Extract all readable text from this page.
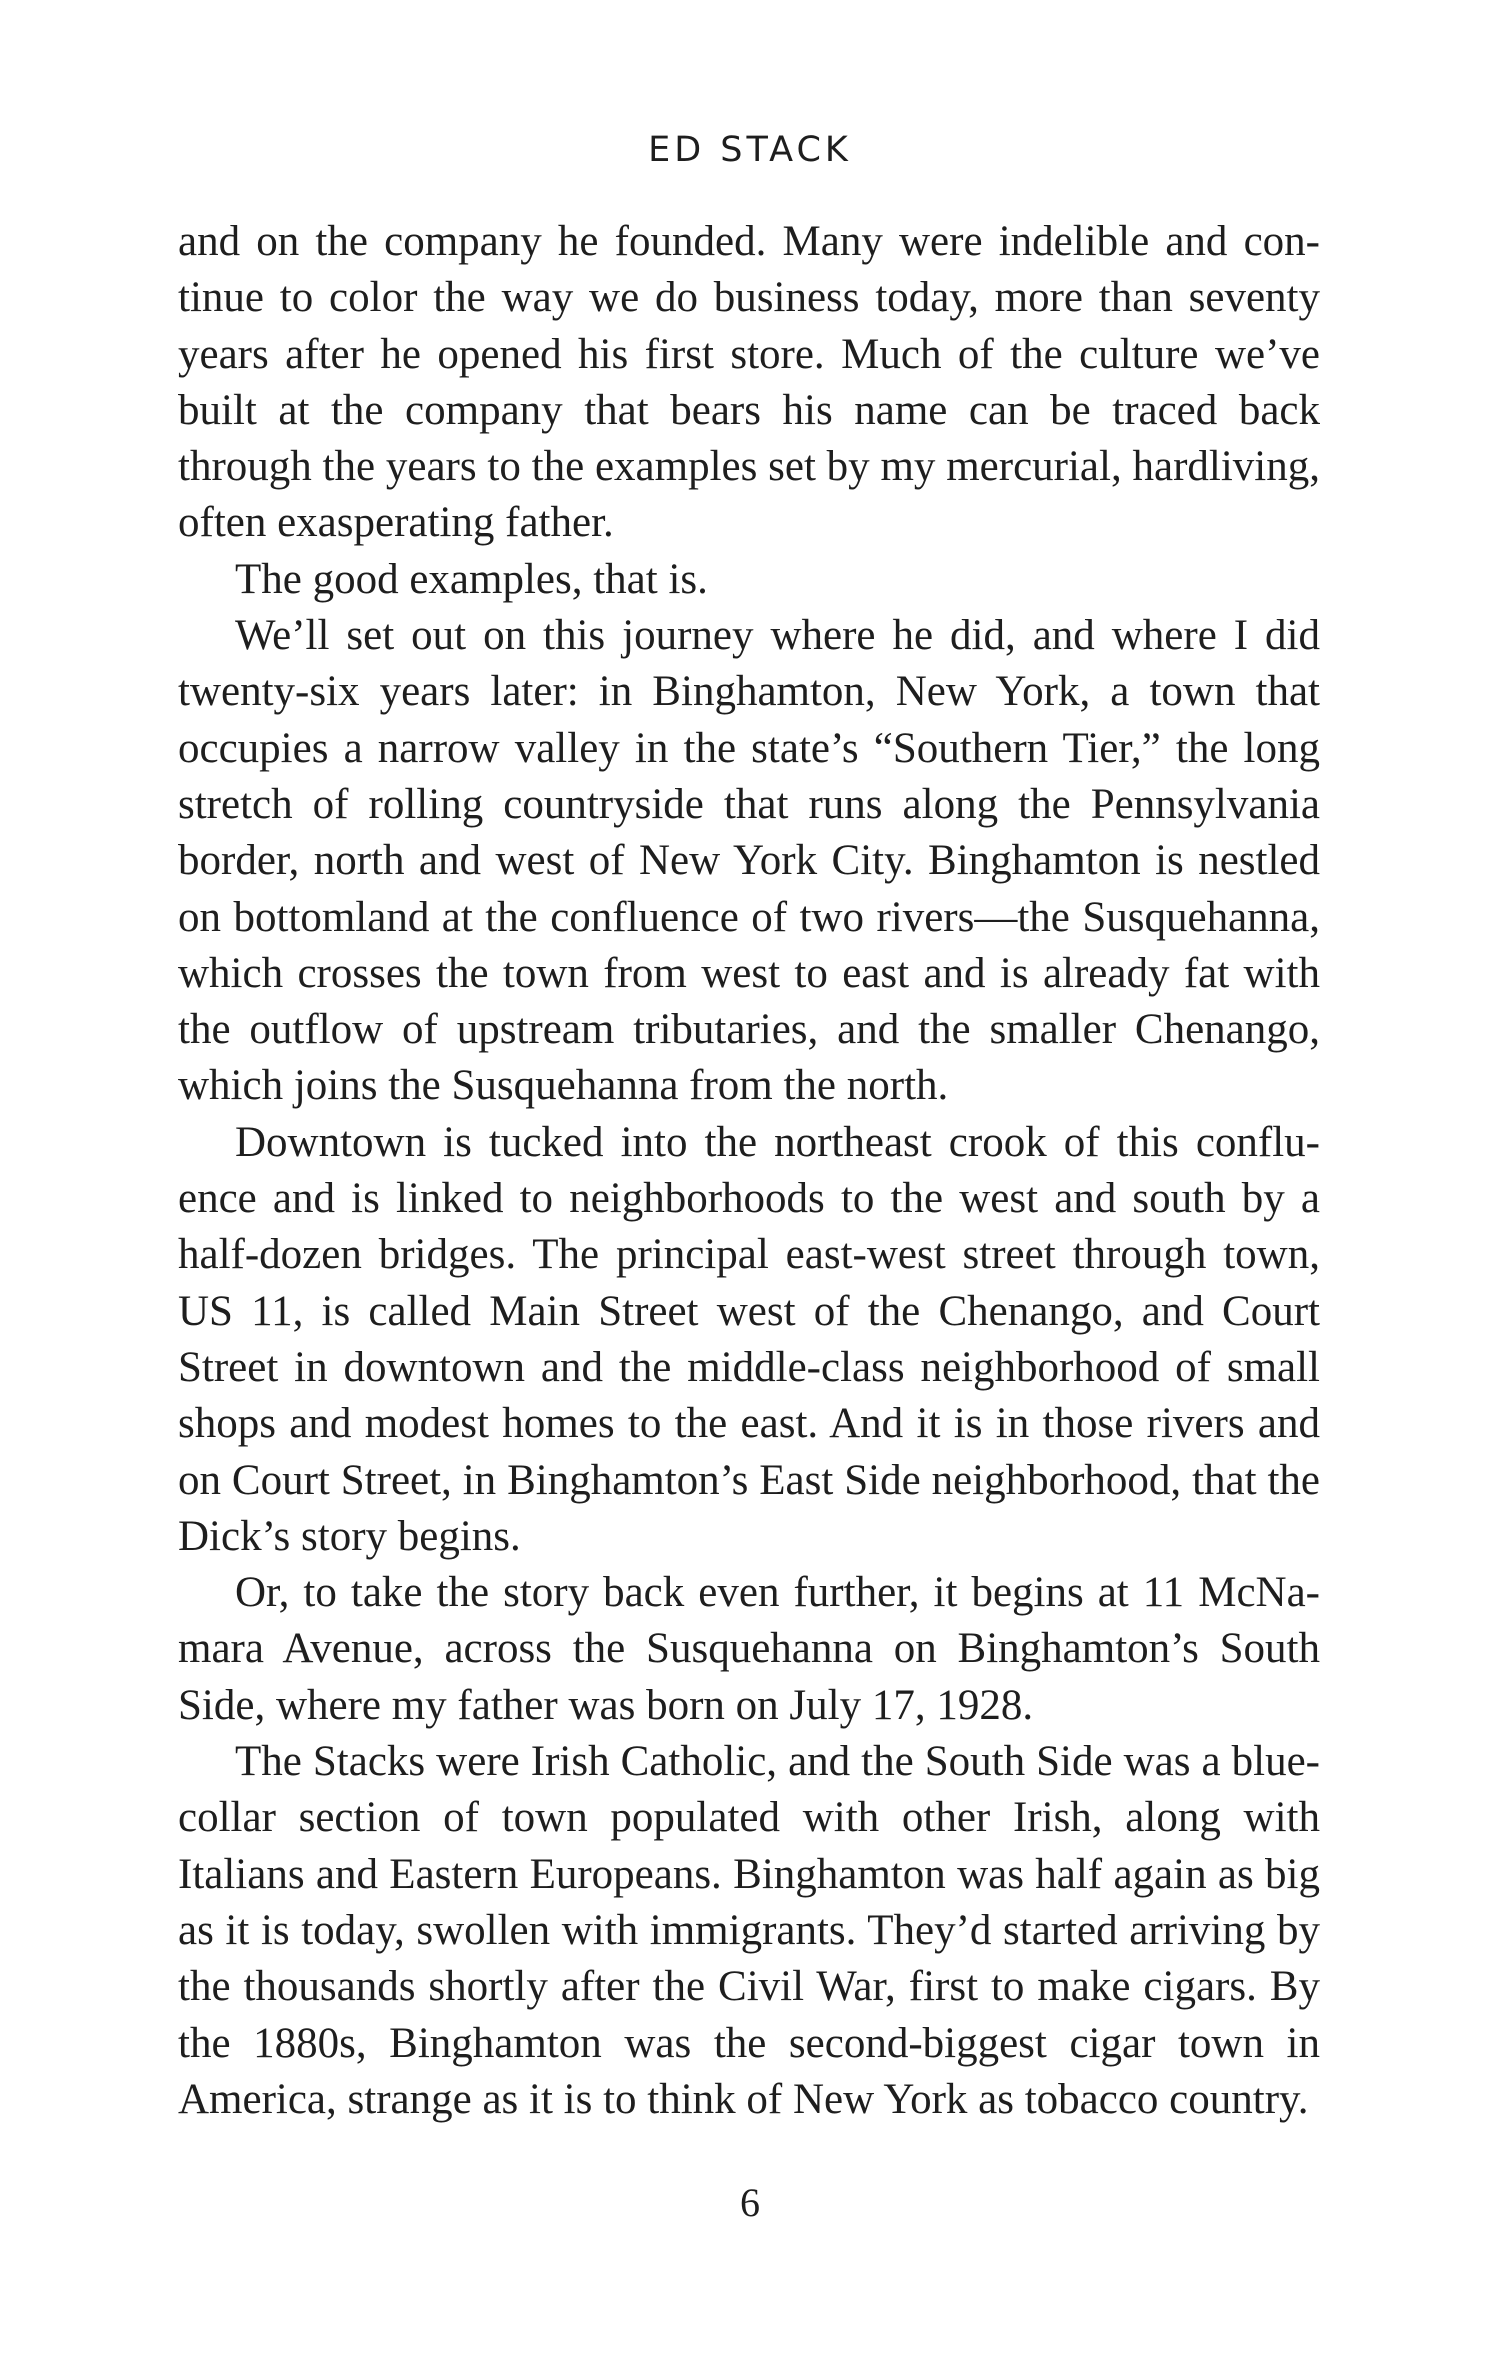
ED STACK

and on the company he founded. Many were indelible and continue to color the way we do business today, more than seventy years after he opened his first store. Much of the culture we’ve built at the company that bears his name can be traced back through the years to the examples set by my mercurial, hardliving, often exasperating father.

The good examples, that is.

We’ll set out on this journey where he did, and where I did twenty-six years later: in Binghamton, New York, a town that occupies a narrow valley in the state’s “Southern Tier,” the long stretch of rolling countryside that runs along the Pennsylvania border, north and west of New York City. Binghamton is nestled on bottomland at the confluence of two rivers—the Susquehanna, which crosses the town from west to east and is already fat with the outflow of upstream tributaries, and the smaller Chenango, which joins the Susquehanna from the north.

Downtown is tucked into the northeast crook of this confluence and is linked to neighborhoods to the west and south by a half-dozen bridges. The principal east-west street through town, US 11, is called Main Street west of the Chenango, and Court Street in downtown and the middle-class neighborhood of small shops and modest homes to the east. And it is in those rivers and on Court Street, in Binghamton’s East Side neighborhood, that the Dick’s story begins.

Or, to take the story back even further, it begins at 11 McNamara Avenue, across the Susquehanna on Binghamton’s South Side, where my father was born on July 17, 1928.

The Stacks were Irish Catholic, and the South Side was a blue-collar section of town populated with other Irish, along with Italians and Eastern Europeans. Binghamton was half again as big as it is today, swollen with immigrants. They’d started arriving by the thousands shortly after the Civil War, first to make cigars. By the 1880s, Binghamton was the second-biggest cigar town in America, strange as it is to think of New York as tobacco country.

6
